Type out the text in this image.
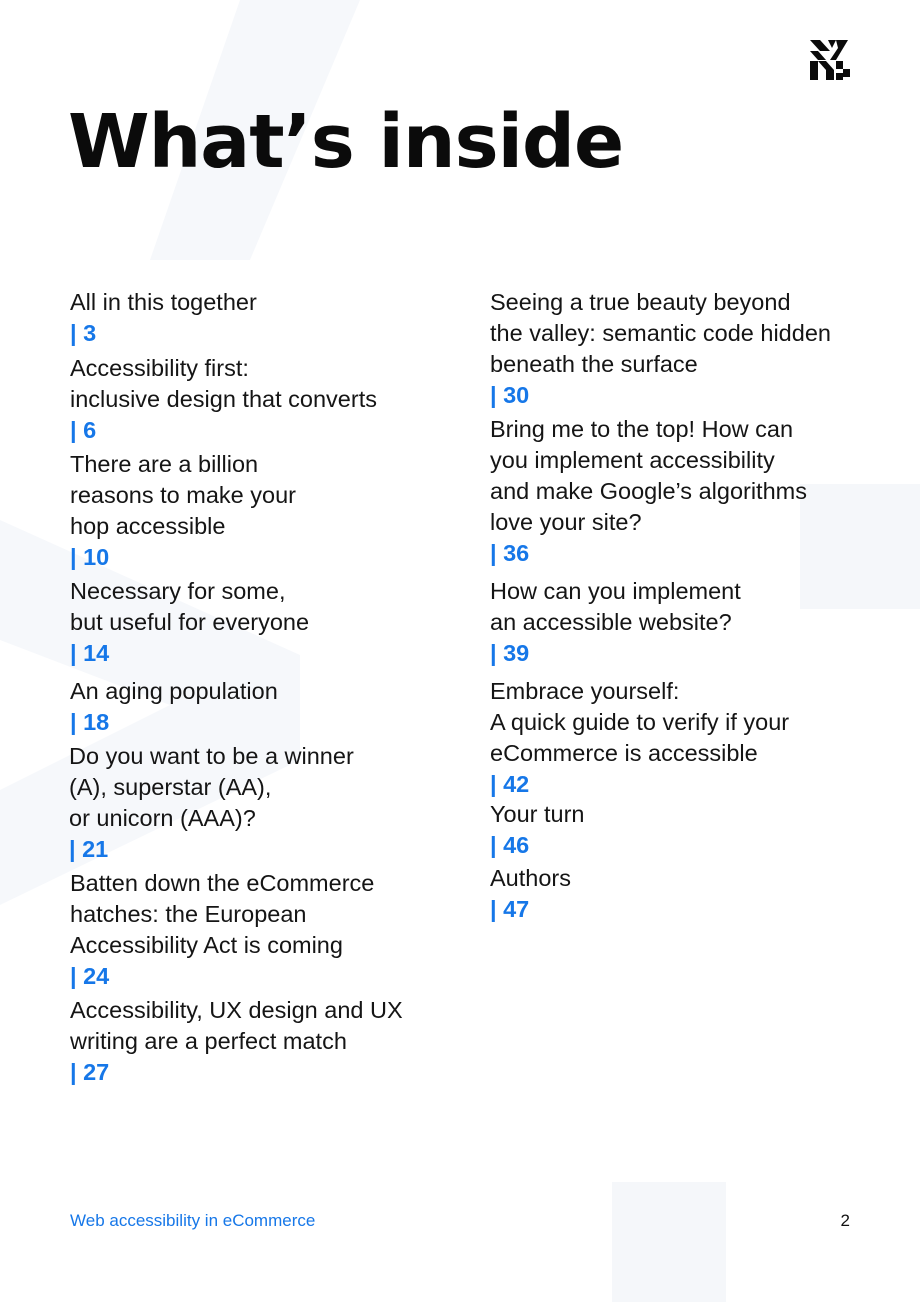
What’s inside

All in this together
| 3

Accessibility first:
inclusive design that converts
| 6

There are a billion
reasons to make your
hop accessible
| 10

Necessary for some,
but useful for everyone
| 14

An aging population
| 18

Do you want to be a winner
(A), superstar (AA),
or unicorn (AAA)?
| 21

Batten down the eCommerce
hatches: the European
Accessibility Act is coming
| 24

Accessibility, UX design and UX
writing are a perfect match
| 27

Seeing a true beauty beyond
the valley: semantic code hidden
beneath the surface
| 30

Bring me to the top! How can
you implement accessibility
and make Google’s algorithms
love your site?
| 36

How can you implement
an accessible website?
| 39

Embrace yourself:
A quick guide to verify if your
eCommerce is accessible
| 42

Your turn
| 46

Authors
| 47

Web accessibility in eCommerce	2
